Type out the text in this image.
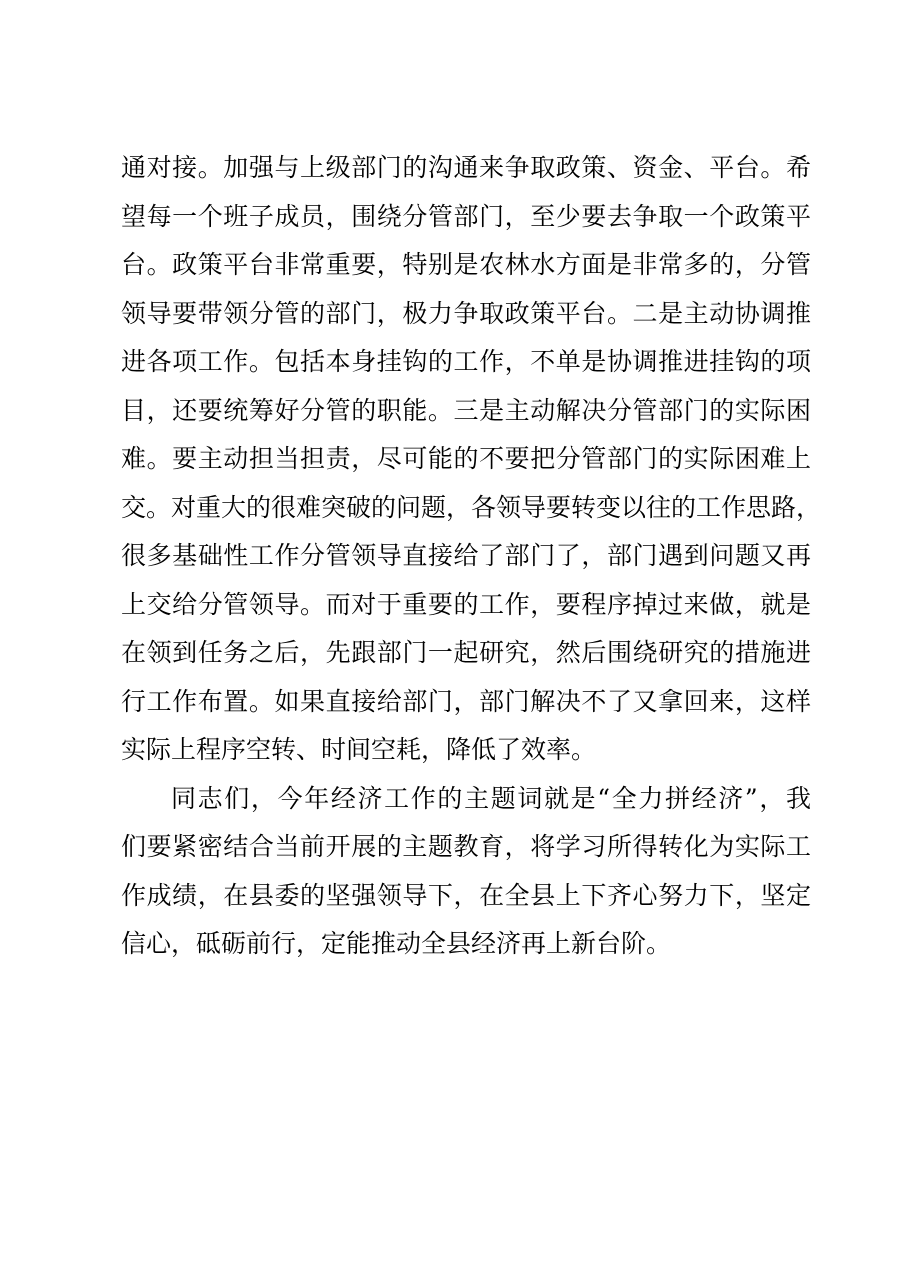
通对接。加强与上级部门的沟通来争取政策、资金、平台。希
望每一个班子成员，围绕分管部门，至少要去争取一个政策平
台。政策平台非常重要，特别是农林水方面是非常多的，分管
领导要带领分管的部门，极力争取政策平台。二是主动协调推
进各项工作。包括本身挂钩的工作，不单是协调推进挂钩的项
目，还要统筹好分管的职能。三是主动解决分管部门的实际困
难。要主动担当担责，尽可能的不要把分管部门的实际困难上
交。对重大的很难突破的问题，各领导要转变以往的工作思路，
很多基础性工作分管领导直接给了部门了，部门遇到问题又再
上交给分管领导。而对于重要的工作，要程序掉过来做，就是
在领到任务之后，先跟部门一起研究，然后围绕研究的措施进
行工作布置。如果直接给部门，部门解决不了又拿回来，这样
实际上程序空转、时间空耗，降低了效率。
同志们，今年经济工作的主题词就是“全力拼经济”，我
们要紧密结合当前开展的主题教育，将学习所得转化为实际工
作成绩，在县委的坚强领导下，在全县上下齐心努力下，坚定
信心，砥砺前行，定能推动全县经济再上新台阶。
